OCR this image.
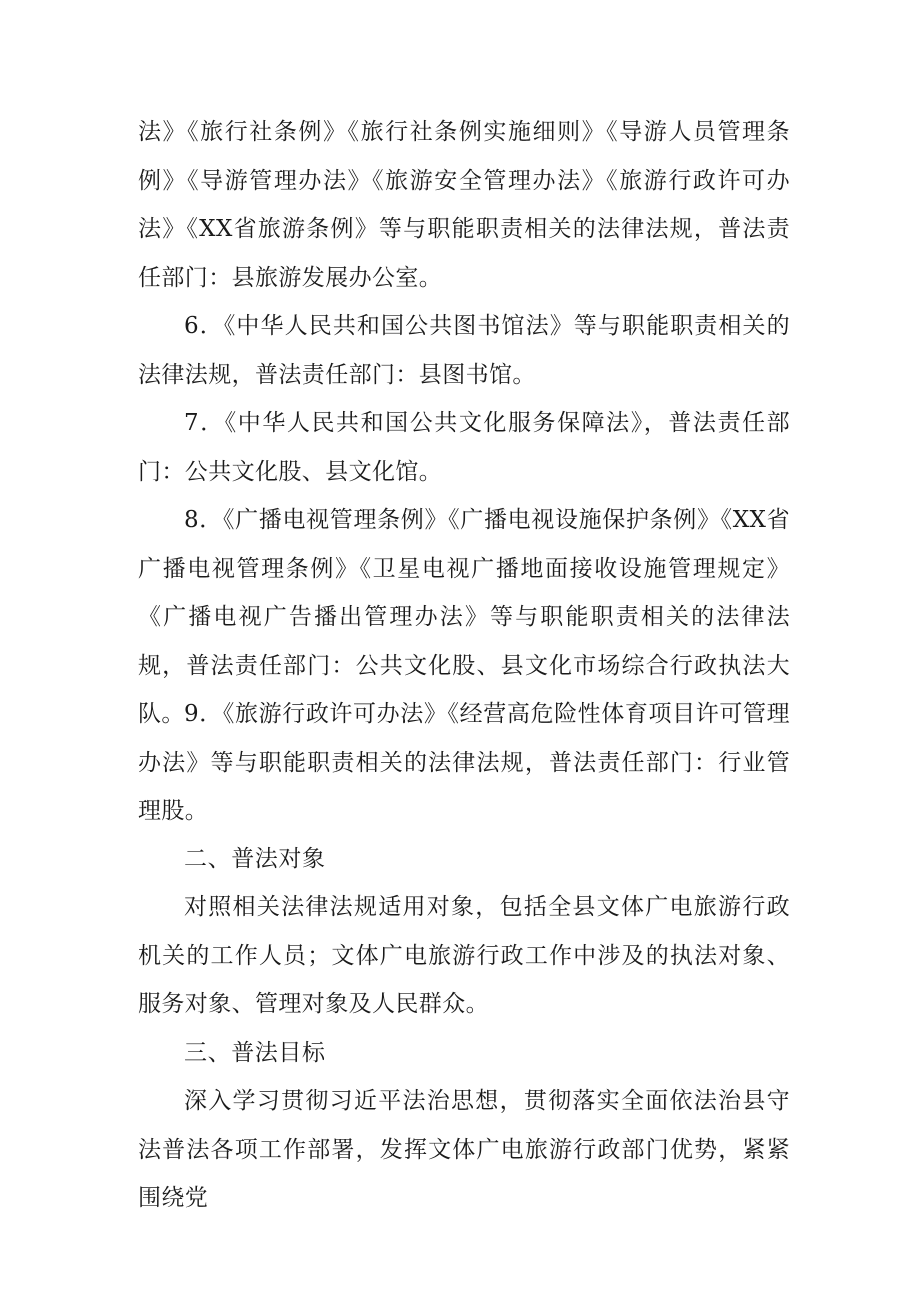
法》《旅行社条例》《旅行社条例实施细则》《导游人员管理条例》《导游管理办法》《旅游安全管理办法》《旅游行政许可办法》《XX省旅游条例》等与职能职责相关的法律法规，普法责任部门：县旅游发展办公室。

6．《中华人民共和国公共图书馆法》等与职能职责相关的法律法规，普法责任部门：县图书馆。

7．《中华人民共和国公共文化服务保障法》，普法责任部门：公共文化股、县文化馆。

8．《广播电视管理条例》《广播电视设施保护条例》《XX省广播电视管理条例》《卫星电视广播地面接收设施管理规定》《广播电视广告播出管理办法》等与职能职责相关的法律法规，普法责任部门：公共文化股、县文化市场综合行政执法大队。 9．《旅游行政许可办法》《经营高危险性体育项目许可管理办法》等与职能职责相关的法律法规，普法责任部门：行业管理股。

二、普法对象

对照相关法律法规适用对象，包括全县文体广电旅游行政机关的工作人员；文体广电旅游行政工作中涉及的执法对象、服务对象、管理对象及人民群众。

三、普法目标

深入学习贯彻习近平法治思想，贯彻落实全面依法治县守法普法各项工作部署，发挥文体广电旅游行政部门优势，紧紧围绕党
